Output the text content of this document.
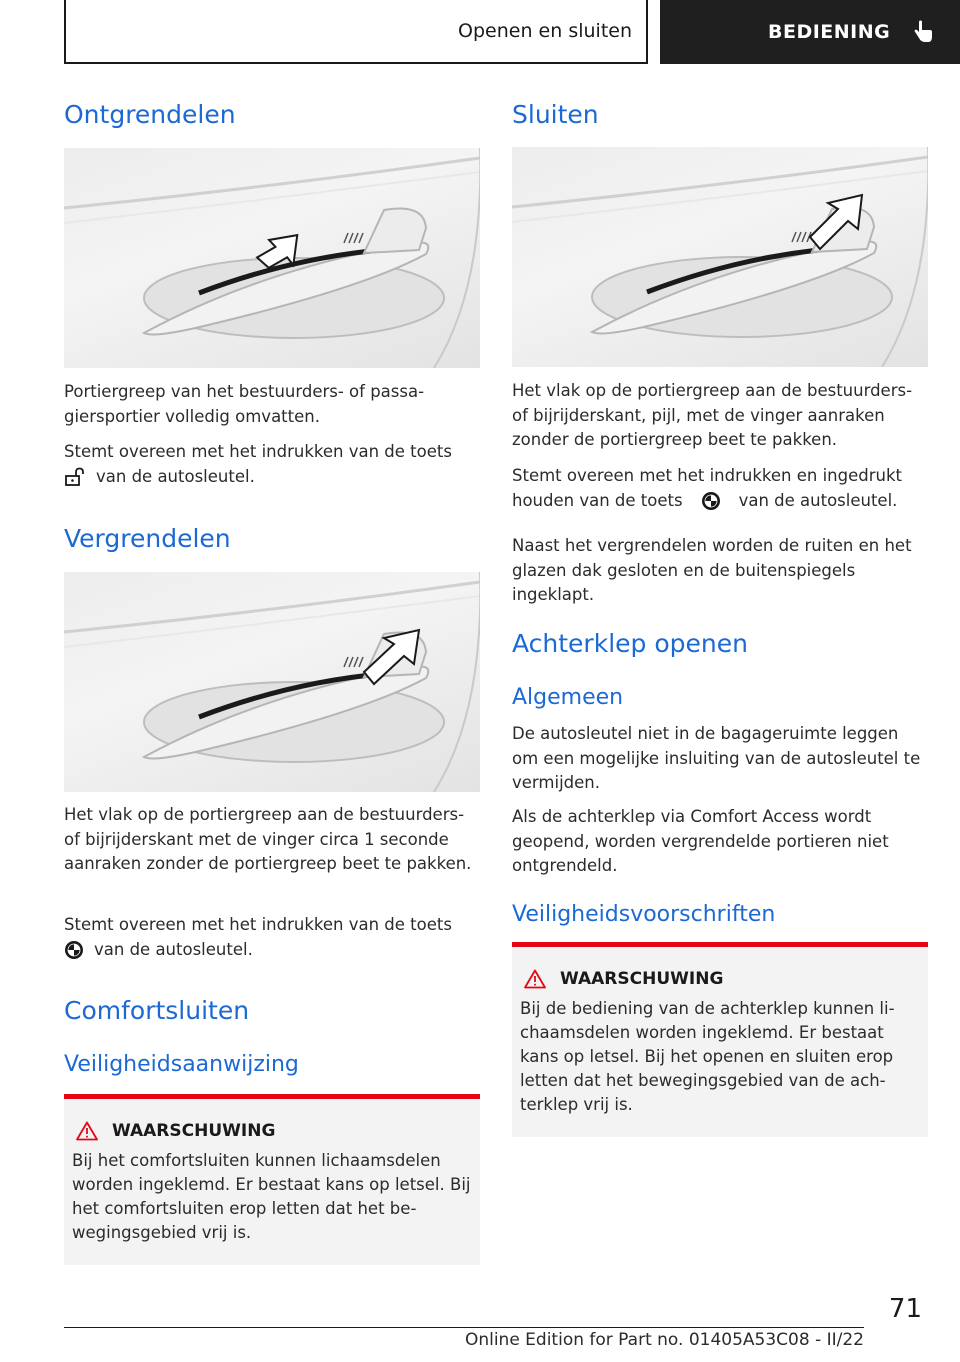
Openen en sluiten	BEDIENING
Ontgrendelen

Portiergreep van het bestuurders- of passagiersportier volledig omvatten.

Stemt overeen met het indrukken van de toets
van de autosleutel.

Vergrendelen

Het vlak op de portiergreep aan de bestuurders- of bijrijderskant met de vinger circa 1 seconde aanraken zonder de portiergreep beet te pakken.

Stemt overeen met het indrukken van de toets
van de autosleutel.

Comfortsluiten
Veiligheidsaanwijzing
WAARSCHUWING

Bij het comfortsluiten kunnen lichaamsdelen worden ingeklemd. Er bestaat kans op letsel. Bij het comfortsluiten erop letten dat het bewegingsgebied vrij is.

Sluiten

Het vlak op de portiergreep aan de bestuurders- of bijrijderskant, pijl, met de vinger aanraken zonder de portiergreep beet te pakken.

Stemt overeen met het indrukken en ingedrukt houden van de toets	van de autosleutel.

Naast het vergrendelen worden de ruiten en het glazen dak gesloten en de buitenspiegels ingeklapt.

Achterklep openen
Algemeen

De autosleutel niet in de bagageruimte leggen om een mogelijke insluiting van de autosleutel te vermijden.

Als de achterklep via Comfort Access wordt geopend, worden vergrendelde portieren niet ontgrendeld.

Veiligheidsvoorschriften
WAARSCHUWING

Bij de bediening van de achterklep kunnen lichaamsdelen worden ingeklemd. Er bestaat kans op letsel. Bij het openen en sluiten erop letten dat het bewegingsgebied van de achterklep vrij is.

71
Online Edition for Part no. 01405A53C08 - II/22
